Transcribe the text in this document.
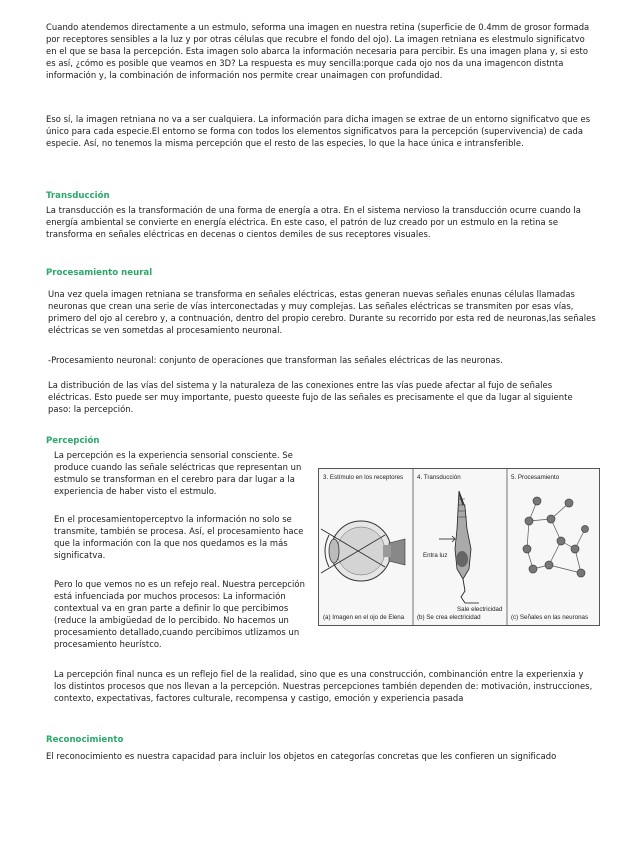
Cuando atendemos directamente a un estmulo, seforma una imagen en nuestra retina (superficie de 0.4mm de grosor formada por receptores sensibles a la luz y por otras células que recubre el fondo del ojo). La imagen retniana es elestmulo significatvo en el que se basa la percepción. Esta imagen solo abarca la información necesaria para percibir. Es una imagen plana y, si esto es así, ¿cómo es posible que veamos en 3D? La respuesta es muy sencilla:porque cada ojo nos da una imagencon distnta información y, la combinación de información nos permite crear unaimagen con profundidad.

Eso sí, la imagen retniana no va a ser cualquiera. La información para dicha imagen se extrae de un entorno significatvo que es único para cada especie.El entorno se forma con todos los elementos significatvos para la percepción (supervivencia) de cada especie. Así, no tenemos la misma percepción que el resto de las especies, lo que la hace única e intransferible.

Transducción

La transducción es la transformación de una forma de energía a otra. En el sistema nervioso la transducción ocurre cuando la energía ambiental se convierte en energía eléctrica. En este caso, el patrón de luz creado por un estmulo en la retina se transforma en señales eléctricas en decenas o cientos demiles de sus receptores visuales.

Procesamiento neural

Una vez quela imagen retniana se transforma en señales eléctricas, estas generan nuevas señales enunas células llamadas neuronas que crean una serie de vías interconectadas y muy complejas. Las señales eléctricas se transmiten por esas vías, primero del ojo al cerebro y, a contnuación, dentro del propio cerebro. Durante su recorrido por esta red de neuronas,las señales eléctricas se ven sometdas al procesamiento neuronal.

-Procesamiento neuronal: conjunto de operaciones que transforman las señales eléctricas de las neuronas.

La distribución de las vías del sistema y la naturaleza de las conexiones entre las vías puede afectar al fujo de señales eléctricas. Esto puede ser muy importante, puesto queeste fujo de las señales es precisamente el que da lugar al siguiente paso: la percepción.

Percepción

La percepción es la experiencia sensorial consciente. Se produce cuando las señale seléctricas que representan un estmulo se transforman en el cerebro para dar lugar a la experiencia de haber visto el estmulo.

En el procesamientoperceptvo la información no solo se transmite, también se procesa. Así, el procesamiento hace que la información con la que nos quedamos es la más significatva.

Pero lo que vemos no es un refejo real. Nuestra percepción está infuenciada por muchos procesos: La información contextual va en gran parte a definir lo que percibimos (reduce la ambigüedad de lo percibido. No hacemos un procesamiento detallado,cuando percibimos utlizamos un procesamiento heurístco.

La percepción final nunca es un reflejo fiel de la realidad, sino que es una construcción, combinanción entre la experienxia y los distintos procesos que nos llevan a la percepción. Nuestras percepciones también dependen de: motivación, instrucciones, contexto, expectativas, factores culturale, recompensa y castigo, emoción y experiencia pasada

Reconocimiento

El reconocimiento es nuestra capacidad para incluir los objetos en categorías concretas que les confieren un significado

3. Estímulo en los receptores 4. Transducción	5. Procesamiento
Entra luz
Sale electricidad
(a) Imagen en el ojo de Elena (b) Se crea electricidad	(c) Señales en las neuronas
